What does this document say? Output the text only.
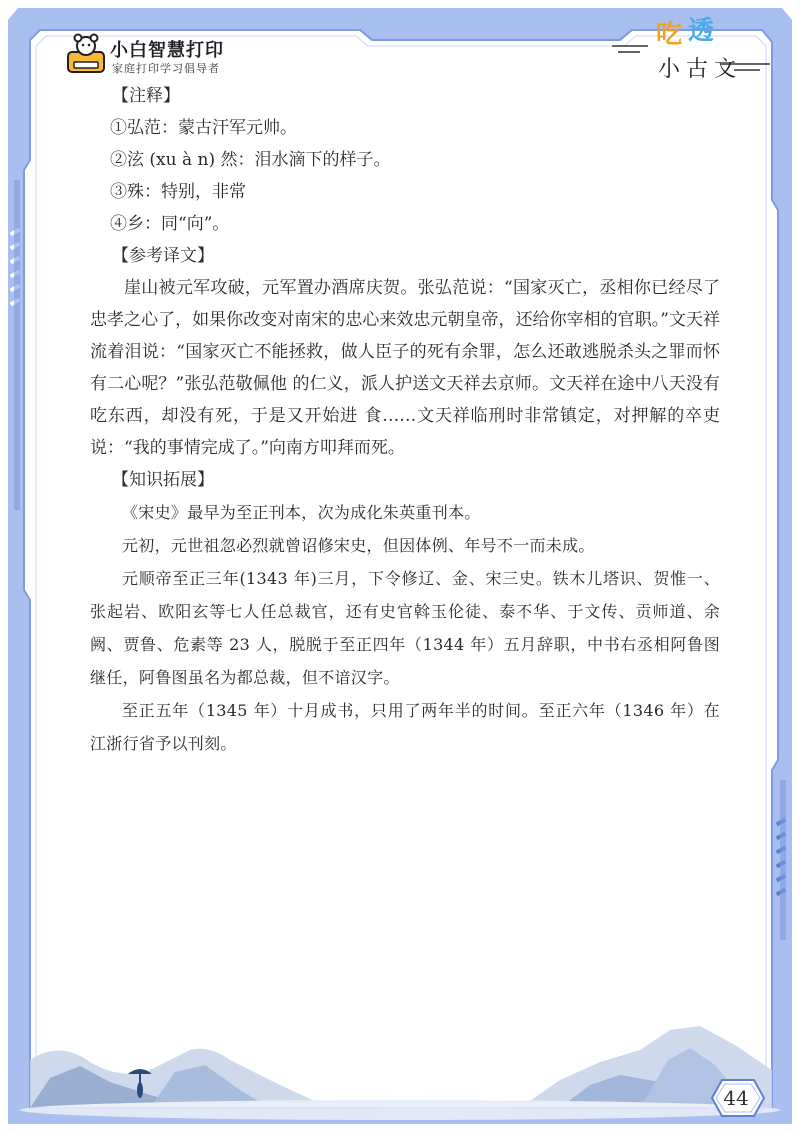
小白智慧打印
家庭打印学习倡导者
吃 透
小古文

【注释】

①弘范：蒙古汗军元帅。

②泫 (xu à n) 然：泪水滴下的样子。

③殊：特别，非常

④乡：同“向”。

【参考译文】

崖山被元军攻破，元军置办酒席庆贺。张弘范说：“国家灭亡，丞相你已经尽了忠孝之心了，如果你改变对南宋的忠心来效忠元朝皇帝，还给你宰相的官职。”文天祥流着泪说：“国家灭亡不能拯救，做人臣子的死有余罪，怎么还敢逃脱杀头之罪而怀有二心呢？”张弘范敬佩他 的仁义，派人护送文天祥去京师。文天祥在途中八天没有吃东西，却没有死，于是又开始进 食……文天祥临刑时非常镇定，对押解的卒吏说：“我的事情完成了。”向南方叩拜而死。

【知识拓展】

《宋史》最早为至正刊本，次为成化朱英重刊本。

元初，元世祖忽必烈就曾诏修宋史，但因体例、年号不一而未成。

元顺帝至正三年(1343 年)三月，下令修辽、金、宋三史。铁木儿塔识、贺惟一、张起岩、欧阳玄等七人任总裁官，还有史官斡玉伦徒、泰不华、于文传、贡师道、余阙、贾鲁、危素等 23 人，脱脱于至正四年（1344 年）五月辞职，中书右丞相阿鲁图继任，阿鲁图虽名为都总裁，但不谙汉字。

至正五年（1345 年）十月成书，只用了两年半的时间。至正六年（1346 年）在江浙行省予以刊刻。

44
